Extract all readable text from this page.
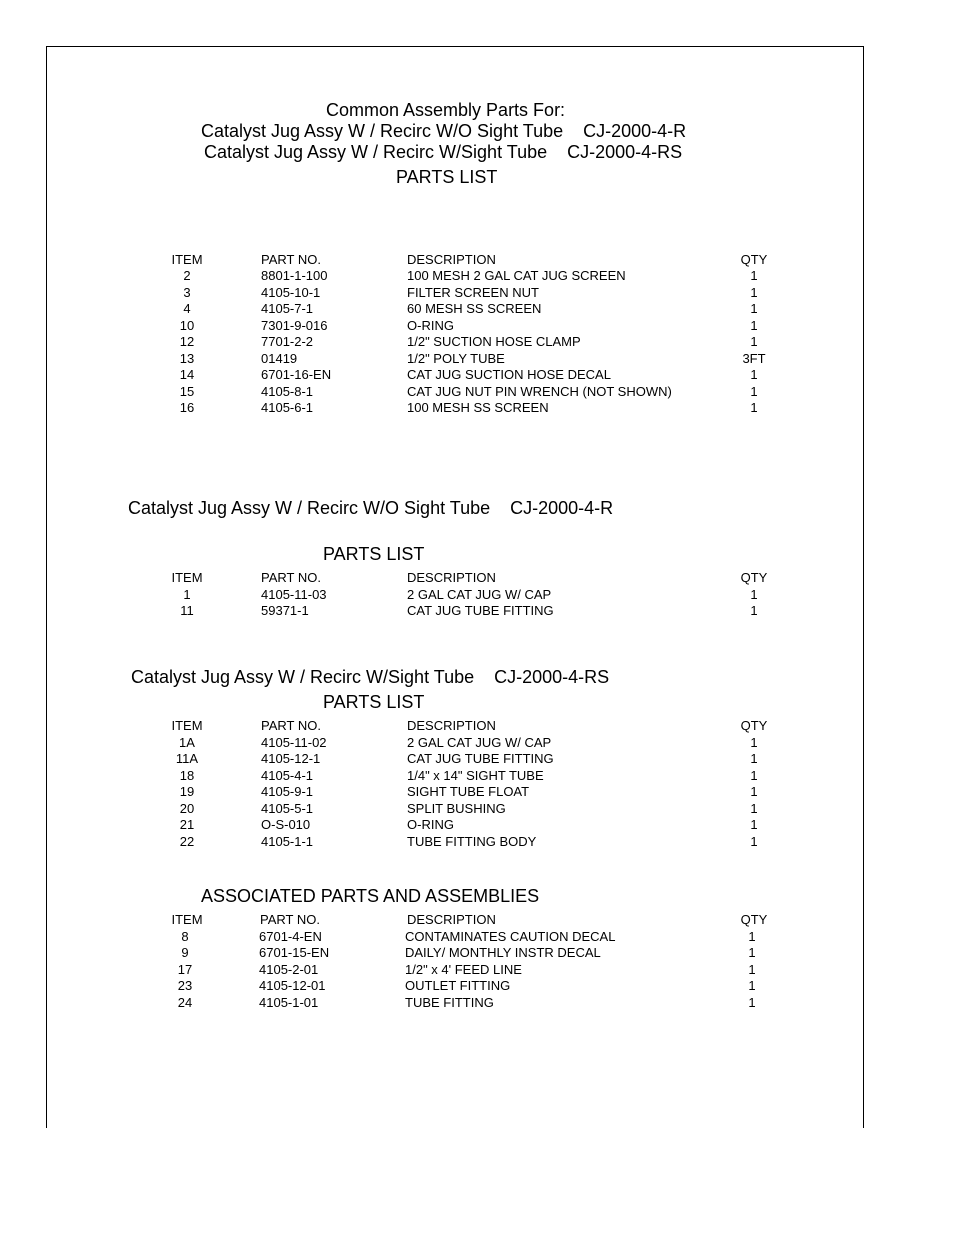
Common Assembly Parts For:
Catalyst Jug Assy W / Recirc W/O Sight Tube    CJ-2000-4-R
Catalyst Jug Assy W / Recirc W/Sight Tube    CJ-2000-4-RS
PARTS LIST
ITEM	PART NO.	DESCRIPTION	QTY
2	8801-1-100	100 MESH 2 GAL CAT JUG SCREEN	1
3	4105-10-1	FILTER SCREEN NUT	1
4	4105-7-1	60 MESH SS SCREEN	1
10	7301-9-016	O-RING	1
12	7701-2-2	1/2" SUCTION HOSE CLAMP	1
13	01419	1/2" POLY TUBE	3FT
14	6701-16-EN	CAT JUG SUCTION HOSE DECAL	1
15	4105-8-1	CAT JUG NUT PIN WRENCH (NOT SHOWN)	1
16	4105-6-1	100 MESH SS SCREEN	1
Catalyst Jug Assy W / Recirc W/O Sight Tube    CJ-2000-4-R
PARTS LIST
ITEM	PART NO.	DESCRIPTION	QTY
1	4105-11-03	2 GAL CAT JUG W/ CAP	1
11	59371-1	CAT JUG TUBE FITTING	1
Catalyst Jug Assy W / Recirc W/Sight Tube    CJ-2000-4-RS
PARTS LIST
ITEM	PART NO.	DESCRIPTION	QTY
1A	4105-11-02	2 GAL CAT JUG W/ CAP	1
11A	4105-12-1	CAT JUG TUBE FITTING	1
18	4105-4-1	1/4" x 14" SIGHT TUBE	1
19	4105-9-1	SIGHT TUBE FLOAT	1
20	4105-5-1	SPLIT BUSHING	1
21	O-S-010	O-RING	1
22	4105-1-1	TUBE FITTING BODY	1
ASSOCIATED PARTS AND ASSEMBLIES
ITEM	PART NO.	DESCRIPTION	QTY
8	6701-4-EN	CONTAMINATES CAUTION DECAL	1
9	6701-15-EN	DAILY/ MONTHLY INSTR DECAL	1
17	4105-2-01	1/2" x 4' FEED LINE	1
23	4105-12-01	OUTLET FITTING	1
24	4105-1-01	TUBE FITTING	1
